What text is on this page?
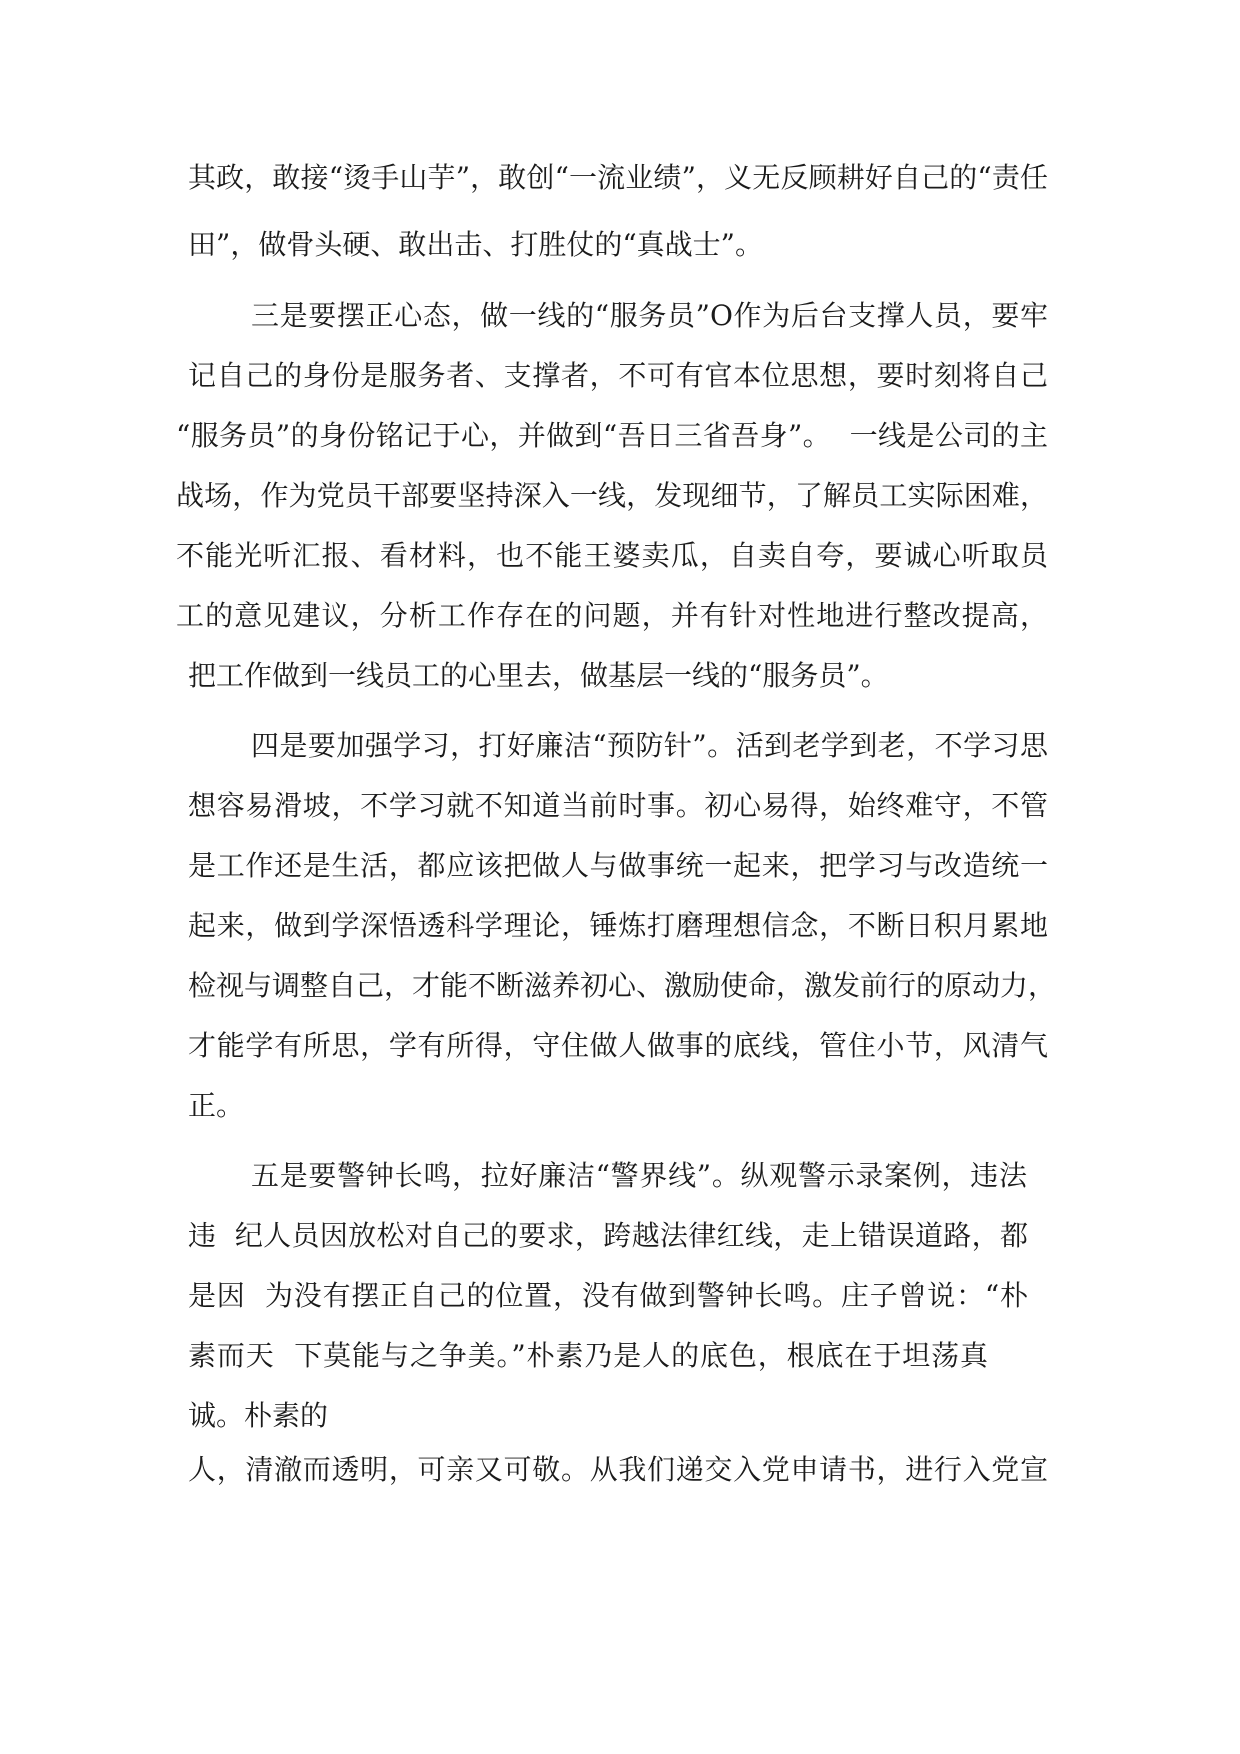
其政，敢接“烫手山芋”，敢创“一流业绩”，义无反顾耕好自己的“责任
田”，做骨头硬、敢出击、打胜仗的“真战士”。
三是要摆正心态，做一线的“服务员”O作为后台支撑人员，要牢
记自己的身份是服务者、支撑者，不可有官本位思想，要时刻将自己
“服务员”的身份铭记于心，并做到“吾日三省吾身”。  一线是公司的主
战场，作为党员干部要坚持深入一线，发现细节，了解员工实际困难，
不能光听汇报、看材料，也不能王婆卖瓜，自卖自夸，要诚心听取员
工的意见建议，分析工作存在的问题，并有针对性地进行整改提高，
把工作做到一线员工的心里去，做基层一线的“服务员”。
四是要加强学习，打好廉洁“预防针”。活到老学到老，不学习思
想容易滑坡，不学习就不知道当前时事。初心易得，始终难守，不管
是工作还是生活，都应该把做人与做事统一起来，把学习与改造统一
起来，做到学深悟透科学理论，锤炼打磨理想信念，不断日积月累地
检视与调整自己，才能不断滋养初心、激励使命，激发前行的原动力，
才能学有所思，学有所得，守住做人做事的底线，管住小节，风清气
正。
五是要警钟长鸣，拉好廉洁“警界线”。纵观警示录案例，违法
违  纪人员因放松对自己的要求，跨越法律红线，走上错误道路，都
是因  为没有摆正自己的位置，没有做到警钟长鸣。庄子曾说：“朴
素而天  下莫能与之争美。”朴素乃是人的底色，根底在于坦荡真
诚。朴素的
人，清澈而透明，可亲又可敬。从我们递交入党申请书，进行入党宣
